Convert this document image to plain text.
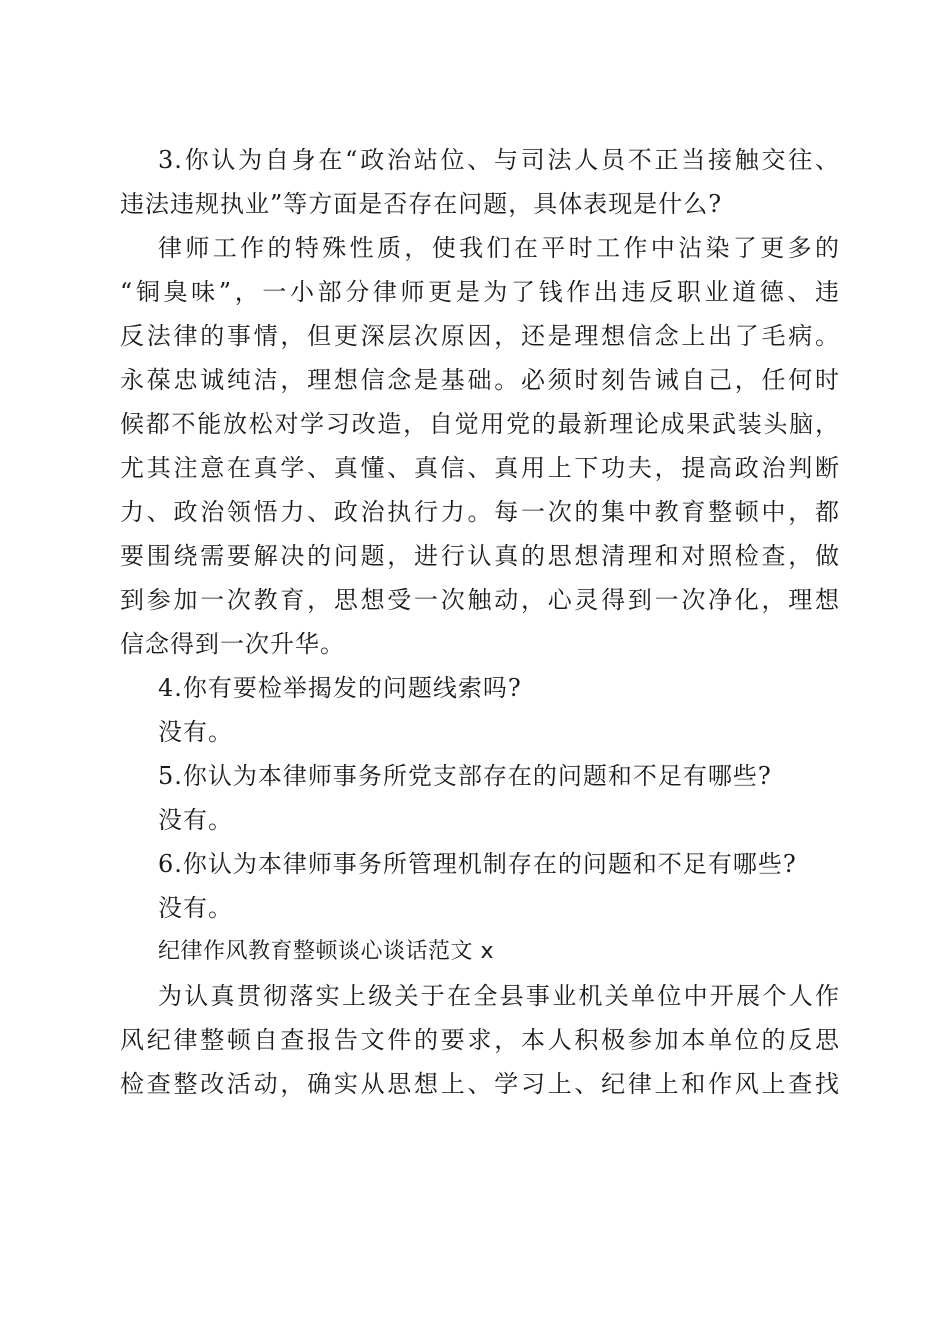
3.你认为自身在“政治站位、与司法人员不正当接触交往、
违法违规执业”等方面是否存在问题，具体表现是什么?
律师工作的特殊性质，使我们在平时工作中沾染了更多的
“铜臭味”，一小部分律师更是为了钱作出违反职业道德、违
反法律的事情，但更深层次原因，还是理想信念上出了毛病。
永葆忠诚纯洁，理想信念是基础。必须时刻告诫自己，任何时
候都不能放松对学习改造，自觉用党的最新理论成果武装头脑，
尤其注意在真学、真懂、真信、真用上下功夫，提高政治判断
力、政治领悟力、政治执行力。每一次的集中教育整顿中，都
要围绕需要解决的问题，进行认真的思想清理和对照检查，做
到参加一次教育，思想受一次触动，心灵得到一次净化，理想
信念得到一次升华。
4.你有要检举揭发的问题线索吗?
没有。
5.你认为本律师事务所党支部存在的问题和不足有哪些?
没有。
6.你认为本律师事务所管理机制存在的问题和不足有哪些?
没有。
纪律作风教育整顿谈心谈话范文 x
为认真贯彻落实上级关于在全县事业机关单位中开展个人作
风纪律整顿自查报告文件的要求，本人积极参加本单位的反思
检查整改活动，确实从思想上、学习上、纪律上和作风上查找
